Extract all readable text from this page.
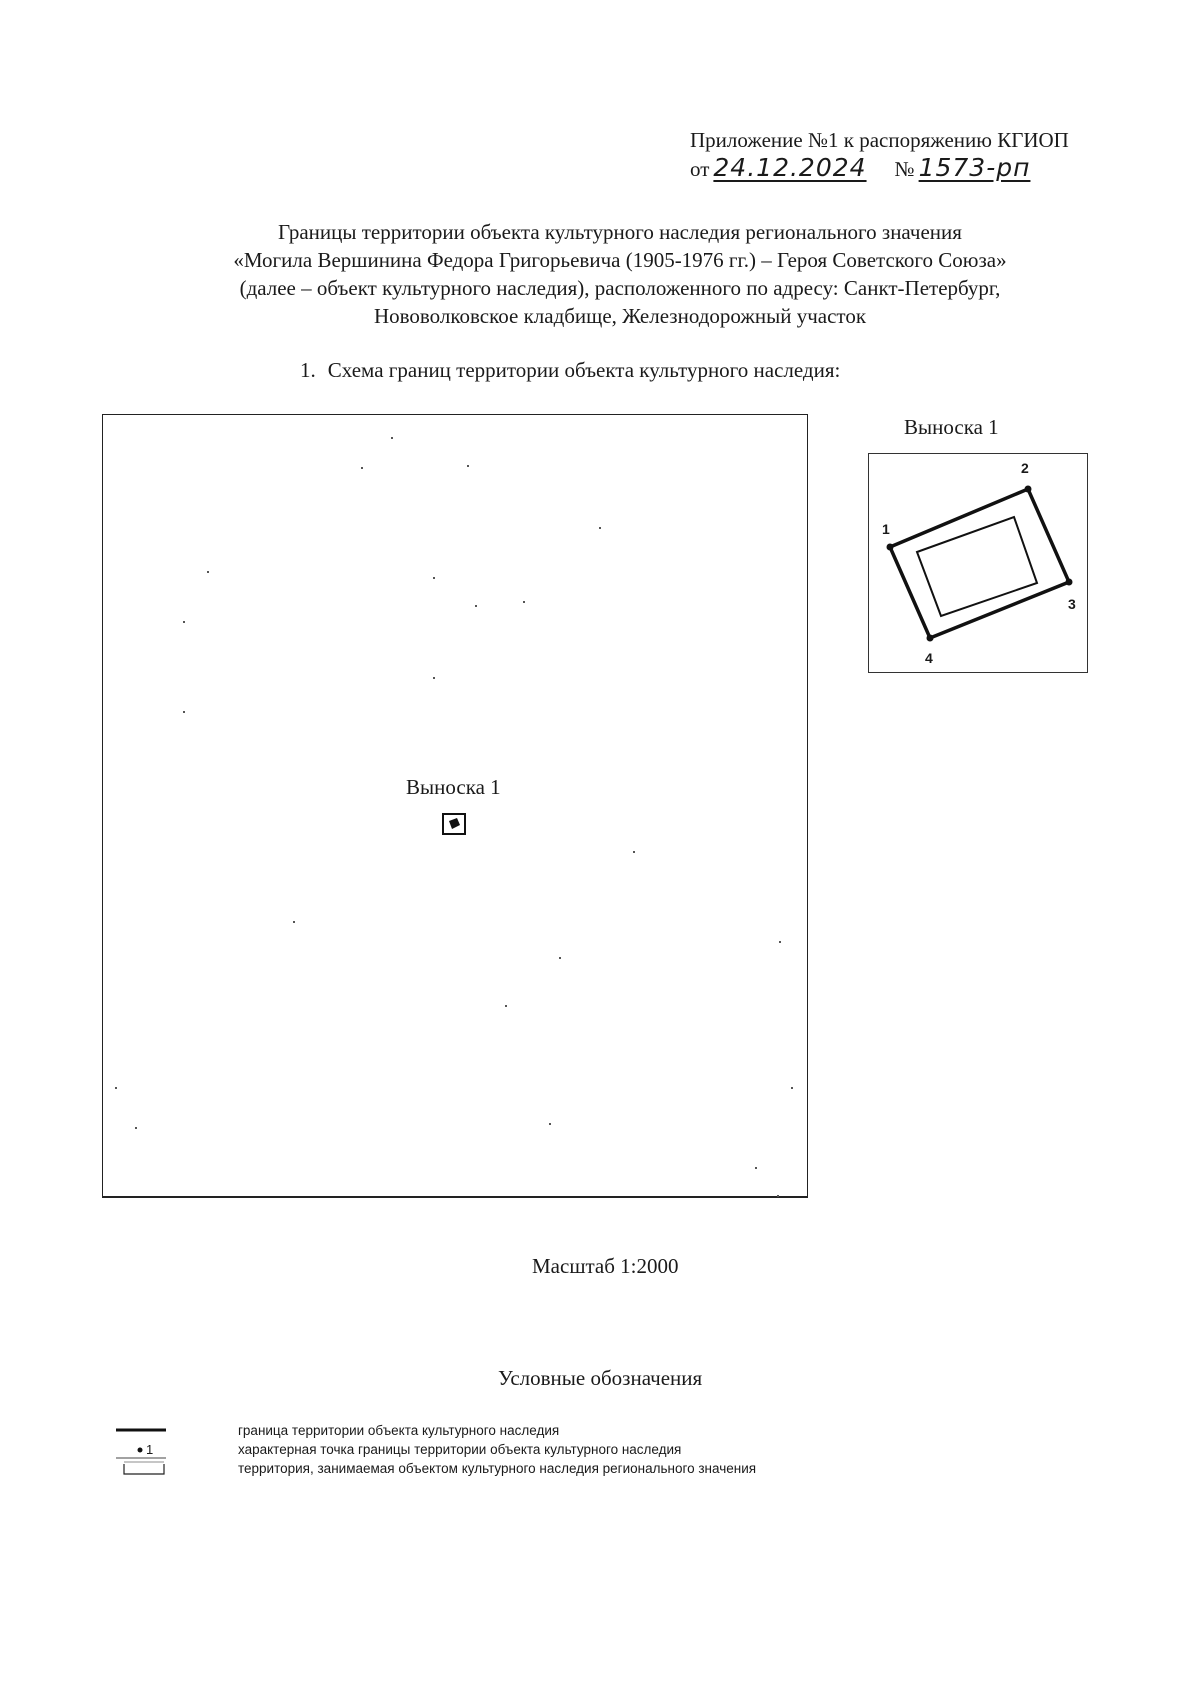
Приложение №1 к распоряжению КГИОП
от 24.12.2024 № 1573-рп
Границы территории объекта культурного наследия регионального значения
«Могила Вершинина Федора Григорьевича (1905-1976 гг.) – Героя Советского Союза»
(далее – объект культурного наследия), расположенного по адресу: Санкт-Петербург,
Нововолковское кладбище, Железнодорожный участок
1. Схема границ территории объекта культурного наследия:
Выноска 1
Выноска 1
1
2
3
4
Масштаб 1:2000
Условные обозначения
граница территории объекта культурного наследия
1	характерная точка границы территории объекта культурного наследия
территория, занимаемая объектом культурного наследия регионального значения
